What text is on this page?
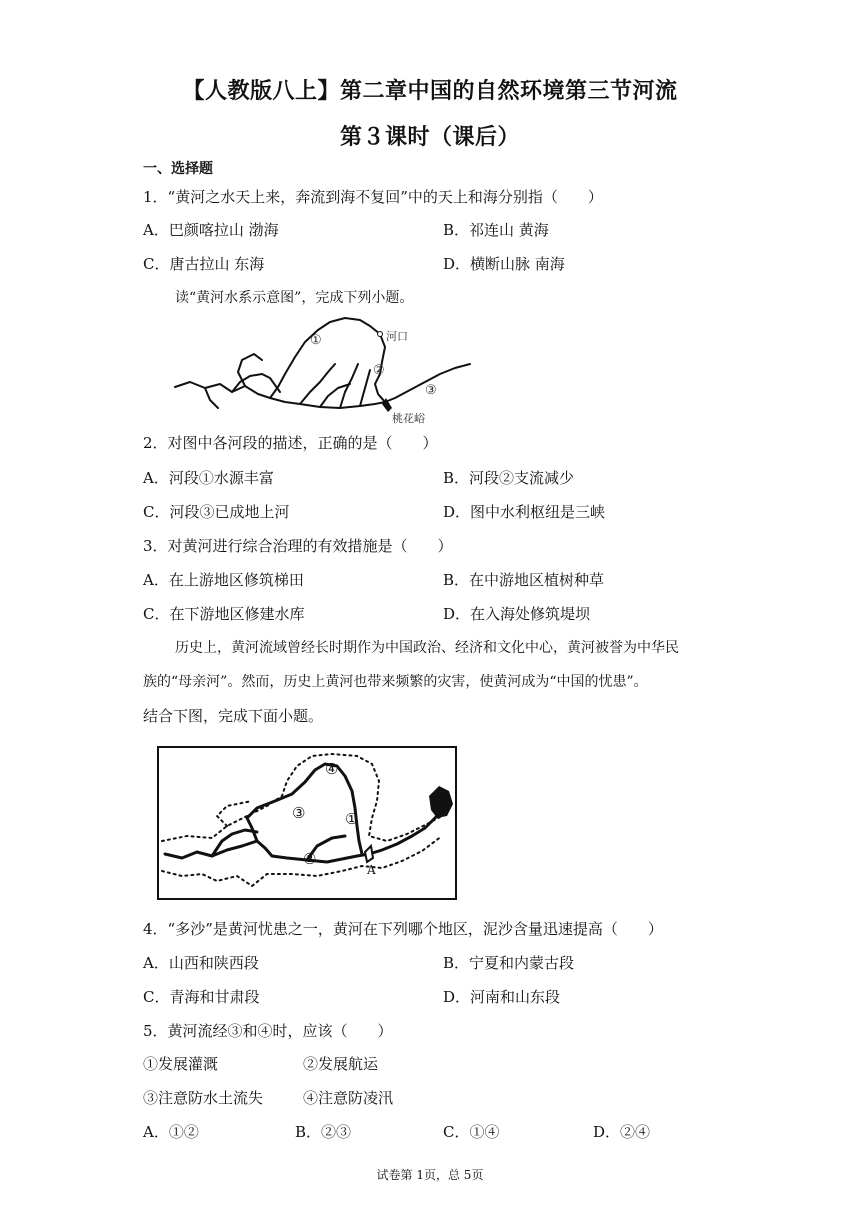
【人教版八上】第二章中国的自然环境第三节河流
第３课时（课后）
一、选择题
1．“黄河之水天上来，奔流到海不复回”中的天上和海分别指（　　）
A．巴颜喀拉山 渤海	B．祁连山 黄海
C．唐古拉山 东海	D．横断山脉 南海
读“黄河水系示意图”，完成下列小题。
①
②
③
河口
桃花峪
2．对图中各河段的描述，正确的是（　　）
A．河段①水源丰富	B．河段②支流减少
C．河段③已成地上河	D．图中水利枢纽是三峡
3．对黄河进行综合治理的有效措施是（　　）
A．在上游地区修筑梯田	B．在中游地区植树种草
C．在下游地区修建水库	D．在入海处修筑堤坝
历史上，黄河流域曾经长时期作为中国政治、经济和文化中心，黄河被誉为中华民
族的“母亲河”。然而，历史上黄河也带来频繁的灾害，使黄河成为“中国的忧患”。
结合下图，完成下面小题。
④
③	①
②
A
4．“多沙”是黄河忧患之一，黄河在下列哪个地区，泥沙含量迅速提高（　　）
A．山西和陕西段	B．宁夏和内蒙古段
C．青海和甘肃段	D．河南和山东段
5．黄河流经③和④时，应该（　　）
①发展灌溉	②发展航运
③注意防水土流失	④注意防凌汛
A．①②	B．②③	C．①④	D．②④
试卷第 1页，总 5页
